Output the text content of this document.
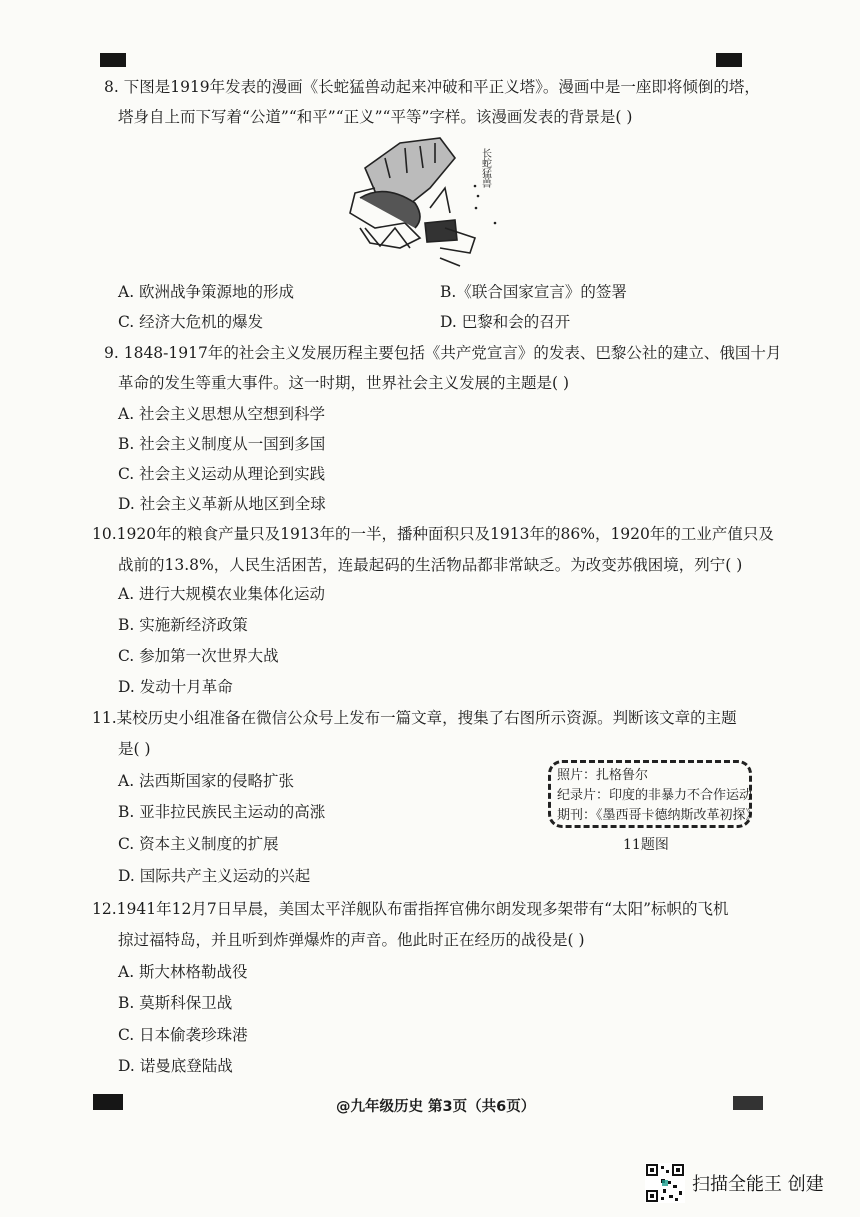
8. 下图是1919年发表的漫画《长蛇猛兽动起来冲破和平正义塔》。漫画中是一座即将倾倒的塔，
塔身自上而下写着“公道”“和平”“正义”“平等”字样。该漫画发表的背景是( )
长蛇猛兽
A. 欧洲战争策源地的形成	B.《联合国家宣言》的签署
C. 经济大危机的爆发	D. 巴黎和会的召开
9. 1848-1917年的社会主义发展历程主要包括《共产党宣言》的发表、巴黎公社的建立、俄国十月
革命的发生等重大事件。这一时期，世界社会主义发展的主题是( )
A. 社会主义思想从空想到科学
B. 社会主义制度从一国到多国
C. 社会主义运动从理论到实践
D. 社会主义革新从地区到全球
10.1920年的粮食产量只及1913年的一半，播种面积只及1913年的86%，1920年的工业产值只及
战前的13.8%，人民生活困苦，连最起码的生活物品都非常缺乏。为改变苏俄困境，列宁( )
A. 进行大规模农业集体化运动
B. 实施新经济政策
C. 参加第一次世界大战
D. 发动十月革命
11.某校历史小组准备在微信公众号上发布一篇文章，搜集了右图所示资源。判断该文章的主题
是( )
A. 法西斯国家的侵略扩张
B. 亚非拉民族民主运动的高涨
C. 资本主义制度的扩展
D. 国际共产主义运动的兴起
照片：扎格鲁尔
纪录片：印度的非暴力不合作运动
期刊：《墨西哥卡德纳斯改革初探》
11题图
12.1941年12月7日早晨，美国太平洋舰队布雷指挥官佛尔朗发现多架带有“太阳”标帜的飞机
掠过福特岛，并且听到炸弹爆炸的声音。他此时正在经历的战役是( )
A. 斯大林格勒战役
B. 莫斯科保卫战
C. 日本偷袭珍珠港
D. 诺曼底登陆战
@九年级历史 第3页（共6页）
扫描全能王 创建
